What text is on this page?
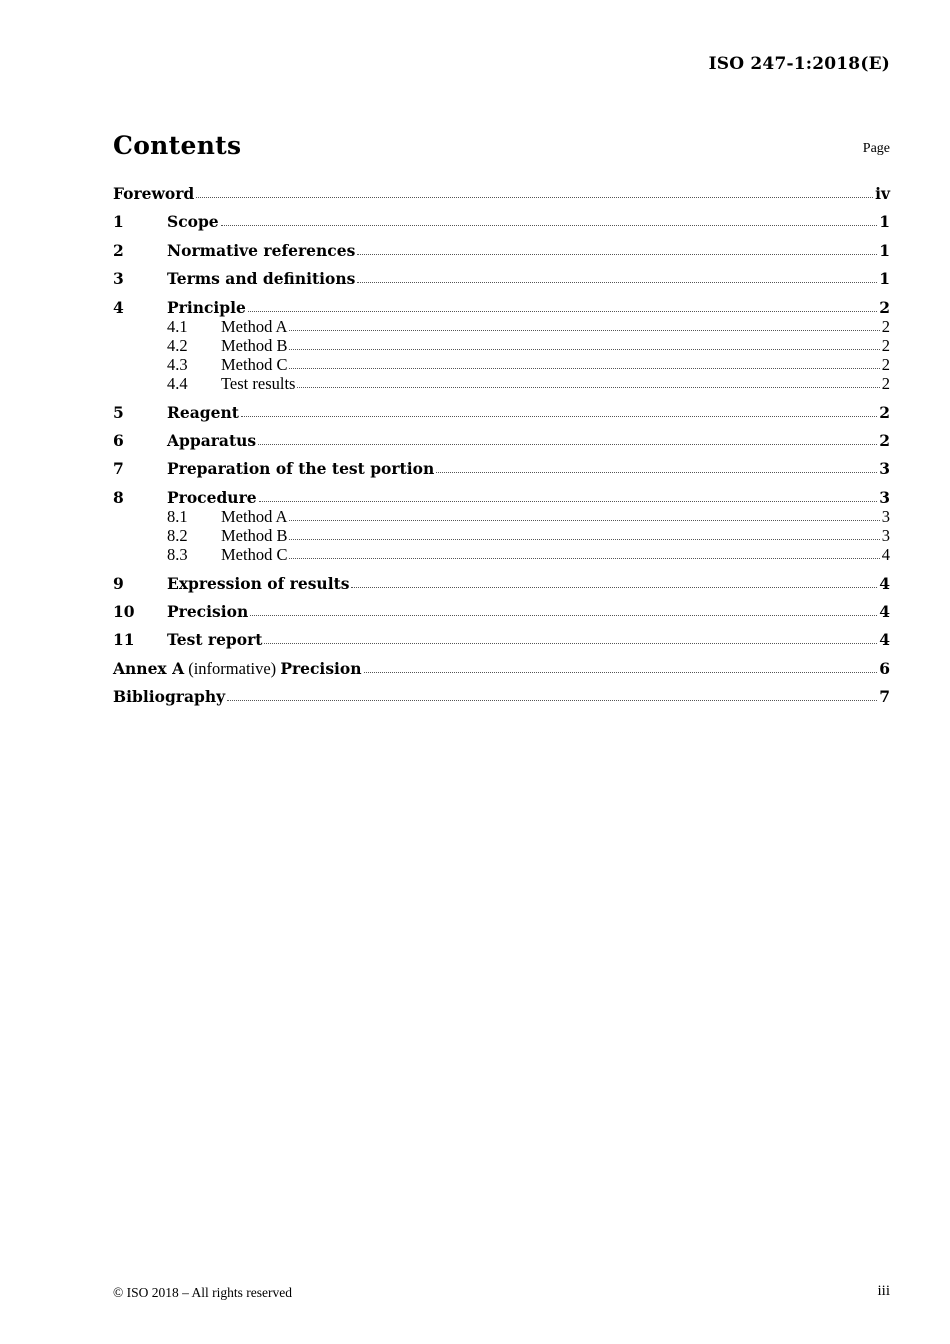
ISO 247-1:2018(E)
Contents	Page
Foreword	iv
1	Scope	1
2	Normative references	1
3	Terms and definitions	1
4	Principle	2
4.1	Method A	2
4.2	Method B	2
4.3	Method C	2
4.4	Test results	2
5	Reagent	2
6	Apparatus	2
7	Preparation of the test portion	3
8	Procedure	3
8.1	Method A	3
8.2	Method B	3
8.3	Method C	4
9	Expression of results	4
10	Precision	4
11	Test report	4
Annex A (informative) Precision	6
Bibliography	7
© ISO 2018 – All rights reserved	iii
